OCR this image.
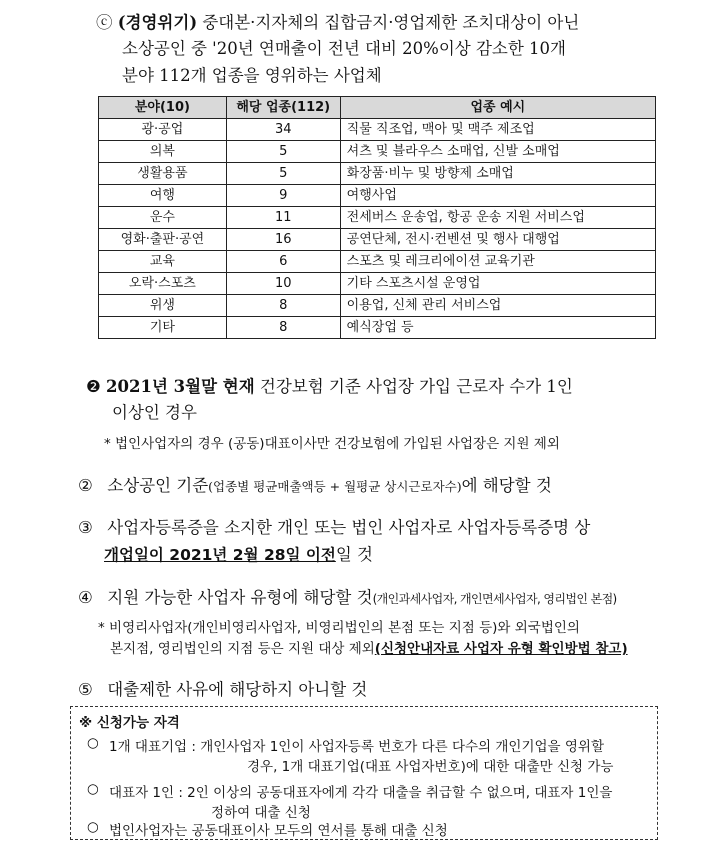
ⓒ (경영위기) 중대본·지자체의 집합금지·영업제한 조치대상이 아닌
소상공인 중 '20년 연매출이 전년 대비 20%이상 감소한 10개
분야 112개 업종을 영위하는 사업체
분야(10)	해당 업종(112)	업종 예시
광·공업	34	직물 직조업, 맥아 및 맥주 제조업
의복	5	셔츠 및 블라우스 소매업, 신발 소매업
생활용품	5	화장품·비누 및 방향제 소매업
여행	9	여행사업
운수	11	전세버스 운송업, 항공 운송 지원 서비스업
영화·출판·공연	16	공연단체, 전시·컨벤션 및 행사 대행업
교육	6	스포츠 및 레크리에이션 교육기관
오락·스포츠	10	기타 스포츠시설 운영업
위생	8	이용업, 신체 관리 서비스업
기타	8	예식장업 등
❷ 2021년 3월말 현재 건강보험 기준 사업장 가입 근로자 수가 1인
이상인 경우
* 법인사업자의 경우 (공동)대표이사만 건강보험에 가입된 사업장은 지원 제외
② 소상공인 기준(업종별 평균매출액등 + 월평균 상시근로자수)에 해당할 것
③ 사업자등록증을 소지한 개인 또는 법인 사업자로 사업자등록증명 상
개업일이 2021년 2월 28일 이전일 것
④ 지원 가능한 사업자 유형에 해당할 것(개인과세사업자, 개인면세사업자, 영리법인 본점)
* 비영리사업자(개인비영리사업자, 비영리법인의 본점 또는 지점 등)와 외국법인의
본지점, 영리법인의 지점 등은 지원 대상 제외(신청안내자료 사업자 유형 확인방법 참고)
⑤ 대출제한 사유에 해당하지 아니할 것
※ 신청가능 자격
○ 1개 대표기업 : 개인사업자 1인이 사업자등록 번호가 다른 다수의 개인기업을 영위할
경우, 1개 대표기업(대표 사업자번호)에 대한 대출만 신청 가능
○ 대표자 1인 : 2인 이상의 공동대표자에게 각각 대출을 취급할 수 없으며, 대표자 1인을
정하여 대출 신청
○ 법인사업자는 공동대표이사 모두의 연서를 통해 대출 신청
